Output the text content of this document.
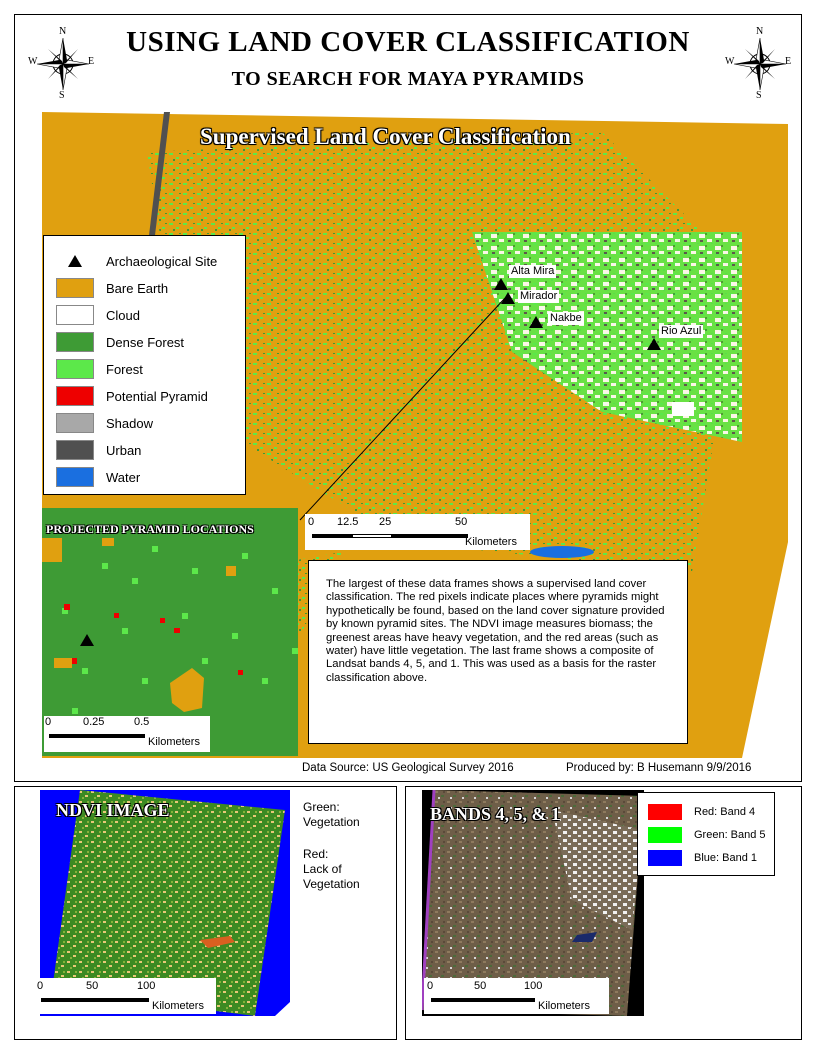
USING LAND COVER CLASSIFICATION
TO SEARCH FOR MAYA PYRAMIDS
N
W	E
S
N
W	E
S
Supervised Land Cover Classification
Alta Mira
Mirador
Nakbe
Rio Azul
Archaeological Site
Bare Earth
Cloud
Dense Forest
Forest
Potential Pyramid
Shadow
Urban
Water
0 12.5 25	50
Kilometers
PROJECTED PYRAMID LOCATIONS
0	0.25	0.5
Kilometers
The largest of these data frames shows a supervised land cover classification. The red pixels indicate places where pyramids might hypothetically be found, based on the land cover signature provided by known pyramid sites. The NDVI image measures biomass; the greenest areas have heavy vegetation, and the red areas (such as water) have little vegetation. The last frame shows a composite of Landsat bands 4, 5, and 1. This was used as a basis for the raster classification above.
Data Source: US Geological Survey 2016	Produced by: B Husemann 9/9/2016
NDVI IMAGE	Green:
Vegetation
Red:
Lack of
Vegetation
0	50	100
Kilometers
BANDS 4, 5, & 1	Red: Band 4
Green: Band 5
Blue: Band 1
0	50	100
Kilometers
